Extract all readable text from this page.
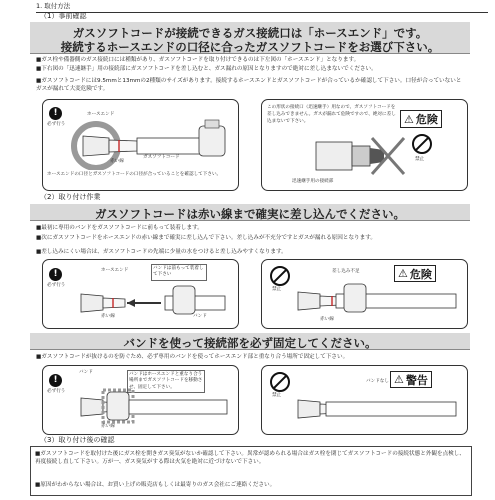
1. 取付方法
（1）事前確認
ガスソフトコードが接続できるガス接続口は「ホースエンド」です。
接続するホースエンドの口径に合ったガスソフトコードをお選び下さい。
■ガス栓や備器側のガス接続口には種類があり、ガスソフトコードを取り付けできるのは下左図の「ホースエンド」となります。
■下右図の「迅速継手」用の接続部にガスソフトコードを差し込むと、ガス漏れの原因となりますので絶対に差し込まないでください。
■ガスソフトコードには9.5mmと13mmの2種類のサイズがあります。接続するホースエンドとガスソフトコードが合っているか確認して下さい。口径が合っていないとガスが漏れて大変危険です。
!
必ず行う
ホースエンド
赤い線
ガスソフトコード
ホースエンドの口径とガスソフトコードの口径が合っていることを確認して下さい。
この形状の接続口（迅速継手）用なので、ガスソフトコードを差し込みできません。ガスが漏れて危険ですので、絶対に差し込まないで下さい。	⚠ 危険
禁止
迅速継手用の接続部
（2）取り付け作業
ガスソフトコードは赤い線まで確実に差し込んでください。
■最初に専用のバンドをガスソフトコードに前もって装着します。
■次にガスソフトコードをホースエンドの赤い線まで確実に差し込んで下さい。差し込みが不充分ですとガスが漏れる原因となります。
■差し込みにくい場合は、ガスソフトコードの先端に少量の水をつけると差し込みやすくなります。
!
必ず行う
ホースエンド	バンドは前もって装着して下さい
赤い線	バンド
禁止
⚠ 危険
差し込み不足
赤い線
バンドを使って接続部を必ず固定してください。
■ガスソフトコードが抜けるのを防ぐため、必ず専用のバンドを使ってホースエンド部と重なり合う場所で固定して下さい。
!
必ず行う
バンド	バンドはホースエンドと重なり合う場所までガスソフトコードを移動させ、固定して下さい。
赤い線
禁止
バンドなし ⚠ 警告
（3）取り付け後の確認
■ガスソフトコードを取付けた後にガス栓を開きガス臭気がないか確認して下さい。異常が認められる場合はガス栓を閉じてガスソフトコードの接続状態と外観を点検し、再度接続し直して下さい。万が一、ガス臭気がする際は火気を絶対に近づけないで下さい。
■原因がわからない場合は、お買い上げの販売店もしくは最寄りのガス会社にご連絡ください。
